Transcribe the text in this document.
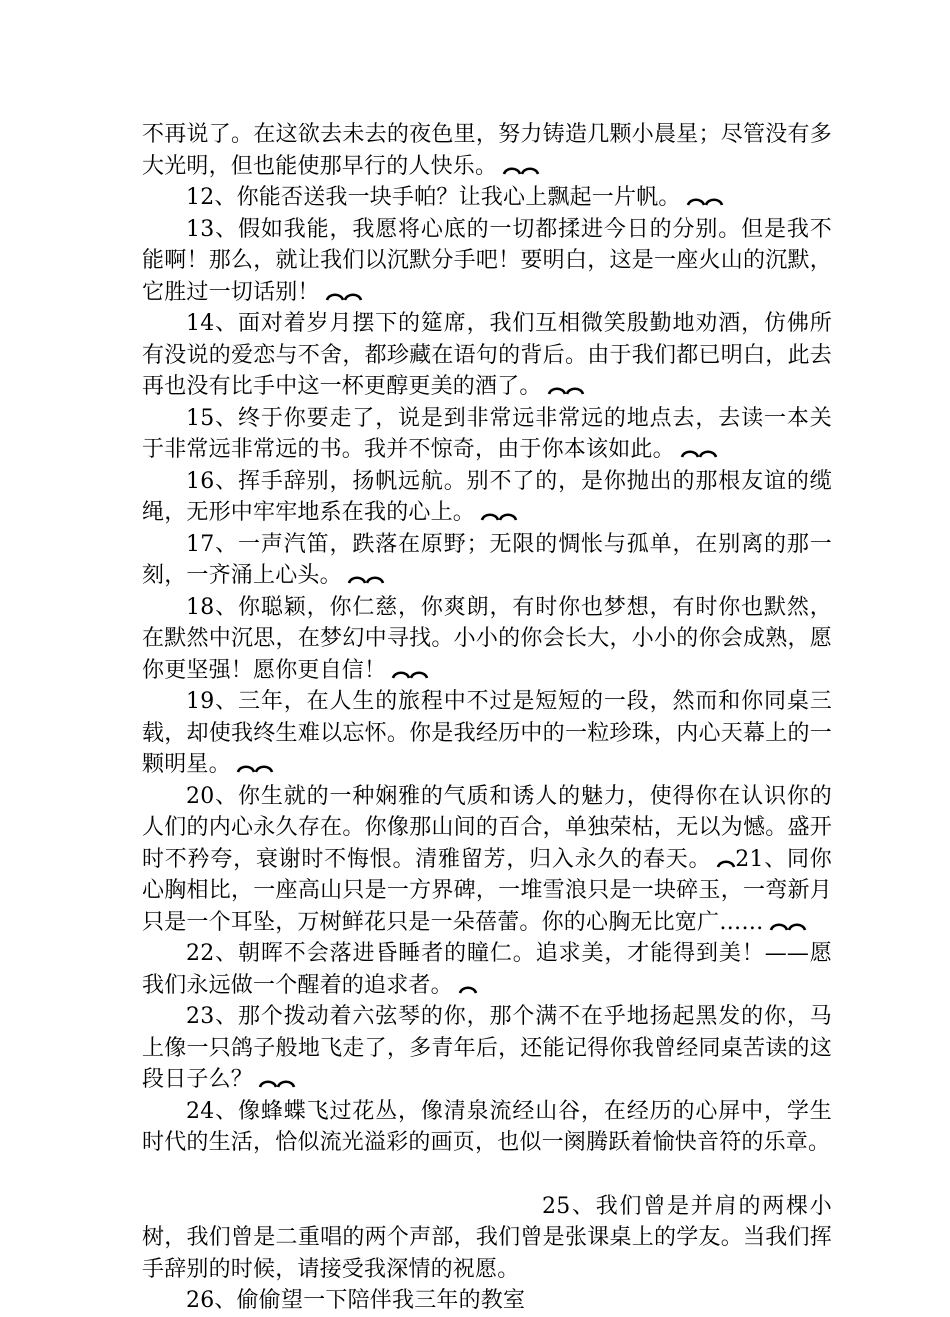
不再说了。在这欲去未去的夜色里，努力铸造几颗小晨星；尽管没有多大光明，但也能使那早行的人快乐。

12、你能否送我一块手帕？让我心上飘起一片帆。

13、假如我能，我愿将心底的一切都揉进今日的分别。但是我不能啊！那么，就让我们以沉默分手吧！要明白，这是一座火山的沉默，它胜过一切话别！

14、面对着岁月摆下的筵席，我们互相微笑殷勤地劝酒，仿佛所有没说的爱恋与不舍，都珍藏在语句的背后。由于我们都已明白，此去再也没有比手中这一杯更醇更美的酒了。

15、终于你要走了，说是到非常远非常远的地点去，去读一本关于非常远非常远的书。我并不惊奇，由于你本该如此。

16、挥手辞别，扬帆远航。别不了的，是你抛出的那根友谊的缆绳，无形中牢牢地系在我的心上。

17、一声汽笛，跌落在原野；无限的惆怅与孤单，在别离的那一刻，一齐涌上心头。

18、你聪颖，你仁慈，你爽朗，有时你也梦想，有时你也默然，在默然中沉思，在梦幻中寻找。小小的你会长大，小小的你会成熟，愿你更坚强！愿你更自信！

19、三年，在人生的旅程中不过是短短的一段，然而和你同桌三载，却使我终生难以忘怀。你是我经历中的一粒珍珠，内心天幕上的一颗明星。

20、你生就的一种娴雅的气质和诱人的魅力，使得你在认识你的人们的内心永久存在。你像那山间的百合，单独荣枯，无以为憾。盛开时不矜夸，衰谢时不悔恨。清雅留芳，归入永久的春天。 21、同你心胸相比，一座高山只是一方界碑，一堆雪浪只是一块碎玉，一弯新月只是一个耳坠，万树鲜花只是一朵蓓蕾。你的心胸无比宽广……

22、朝晖不会落进昏睡者的瞳仁。追求美，才能得到美！——愿我们永远做一个醒着的追求者。

23、那个拨动着六弦琴的你，那个满不在乎地扬起黑发的你，马上像一只鸽子般地飞走了，多青年后，还能记得你我曾经同桌苦读的这段日子么？

24、像蜂蝶飞过花丛，像清泉流经山谷，在经历的心屏中，学生时代的生活，恰似流光溢彩的画页，也似一阕腾跃着愉快音符的乐章。

25、我们曾是并肩的两棵小树，我们曾是二重唱的两个声部，我们曾是张课桌上的学友。当我们挥手辞别的时候，请接受我深情的祝愿。

26、偷偷望一下陪伴我三年的教室
